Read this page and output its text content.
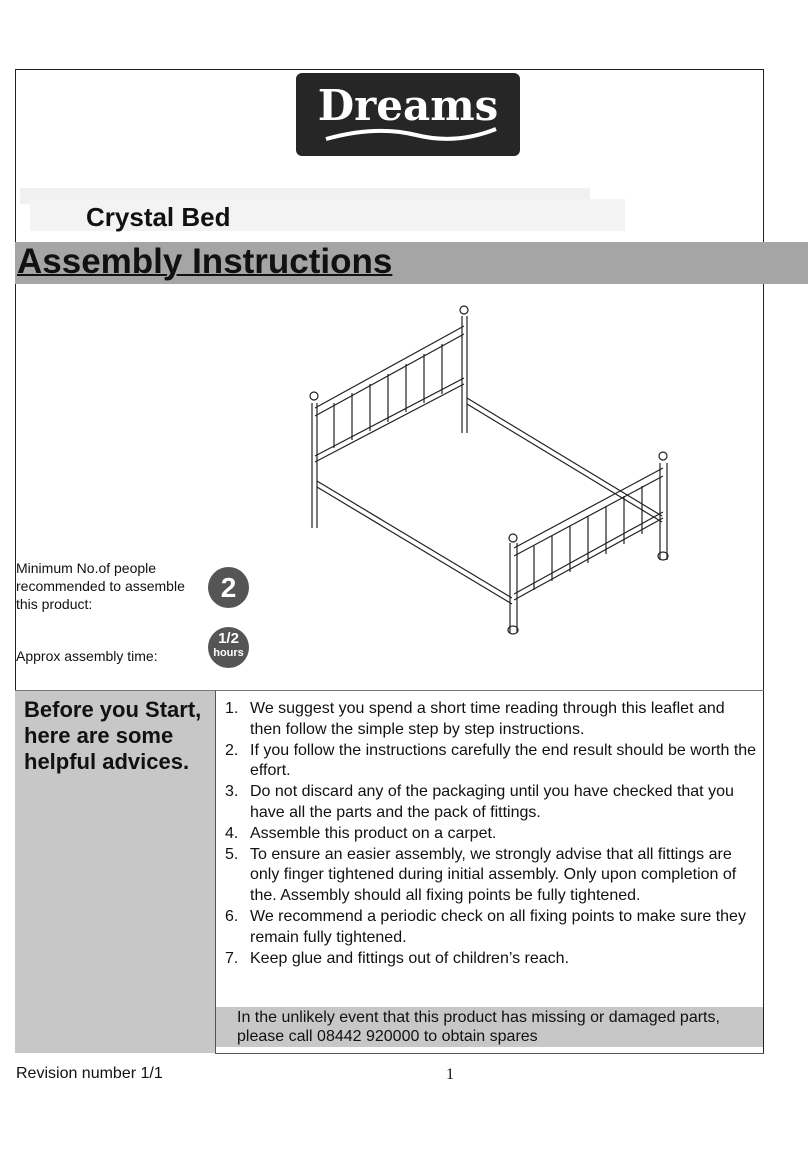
Dreams
Crystal Bed
Assembly Instructions
Minimum No.of people recommended to assemble this product:
2
Approx assembly time:
1/2
hours
Before you Start, here are some helpful advices.
1. We suggest you spend a short time reading through this leaflet and then follow the simple step by step instructions.
2. If you follow the instructions carefully the end result should be worth the effort.
3. Do not discard any of the packaging until you have checked that you
have all the parts and the pack of fittings.
4. Assemble this product on a carpet.
5. To ensure an easier assembly, we strongly advise that all fittings are only finger tightened during initial assembly. Only upon completion of the. Assembly should all fixing points be fully tightened.
6. We recommend a periodic check on all fixing points to make sure they remain fully tightened.
7. Keep glue and fittings out of children’s reach.
In the unlikely event that this product has missing or damaged parts, please call 08442 920000 to obtain spares
Revision number 1/1	1
